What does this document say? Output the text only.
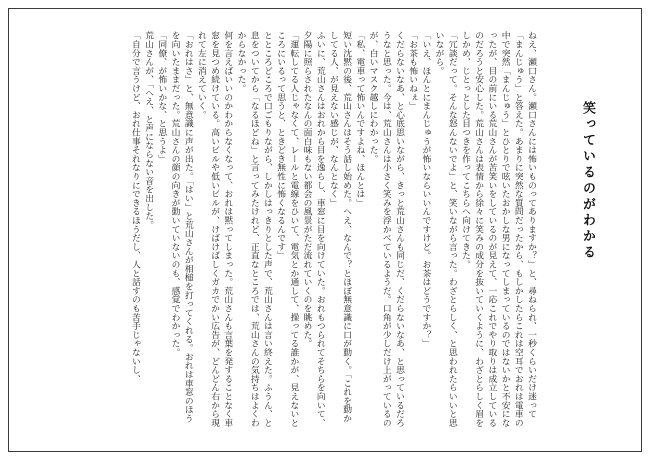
笑っているのがわかる

ねえ、瀬口さん。瀬口さんには怖いものってありますか？」と、尋ねられ、一秒くらいだけ迷って「まんじゅう」と答えた。あまりに突然な質問だったから、もしかしたらこれは空耳でおれは電車の中で突然「まんじゅう」とひとりで呟いたおかしな男になってしまっているのではないかと不安になったが、目の前にいる荒山さんが苦笑いをしているのが見えて、一応これでやり取りは成立しているのだろうと安心した。荒山さんは表情から徐々に笑みの成分を抜いていくように、わざとらしく眉をしかめ、じとっとした目つきを作ってこちらへ向けてきた。

「冗談だって。そんな怒んないでよ」と、笑いながら言った。わざとらしく、と思われたらいいと思いながら。

「いえ、ほんとにまんじゅうが怖いならいいんですけど。お茶はどうですか？」

「お茶も怖いねぇ」

くだらないなあ、と心底思いながら、きっと荒山さんも同じだ、くだらないなあ、と思っているだろうなと思った。今は、荒山さんは小さく笑みを浮かべているようだ。口角が少しだけ上がっているのが、白いマスク越しにわかった。

「私、電車って怖いんですよね、ほんとは」

短い沈黙の後、荒山さんはそう話し始めた。へえ、なんで？とほぼ無意識に口が動く。「これを動かしてる人、が見えない感じが、なんとなく」

ふいに、荒山さんはおれから目を逸らし、車窓に目を向けていた。おれもつられてそちらを向いて、夕陽に照らされたなんの面白味もない都会の風景がただ流れていくのを眺めた。

「運転してる人じゃなくて、レールと電線をひいて、電気とか通して、操ってる誰かが、見えないところにいるって思うと、ときどき無性に怖くなるんです」

とところどころで口ごもりながら、しかしはっきりとした声で、荒山さんは言い終えた。ふうん、と息をついてから「なるほどね」と言ってみたけれど、正直なところでは、荒山さんの気持ちはよくわからなかった。

何を言えばいいのかわからなくなって、おれは黙ってしまった。荒山さんも言葉を発することなく車窓を見つめ続けている。高いビルや低いビルが、けばけばしくガカでかい広告が、どんどん右から現れて左に消えていく。

「おれはさ」と、無意識に声が出た。「はい」と荒山さんが相槌を打ってくれる。おれは車窓のほうを向いたままだった。荒山さんの顔の向きが動いていないのも、感覚でわかった。

「同僚、が怖いかな、と思うよ」

荒山さんが、「へえ、と声にならない音を出した。

「自分で言うけど、おれ仕事それなりにできるほうだし、人と話すのも苦手じゃないし、
